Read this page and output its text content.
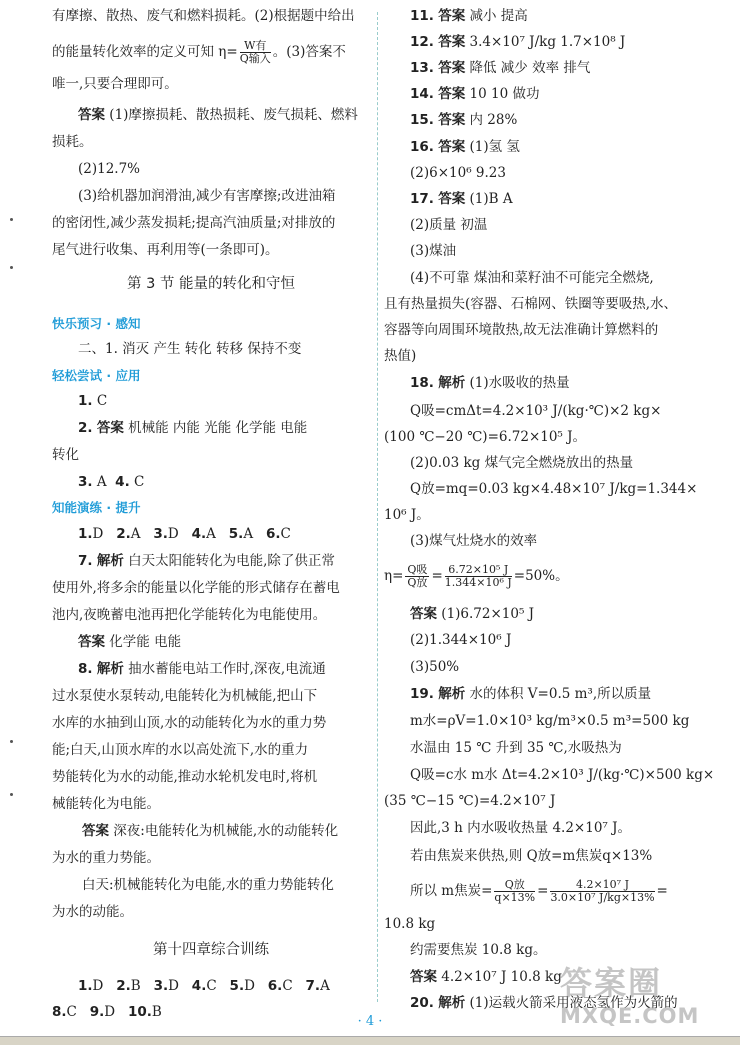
有摩擦、散热、废气和燃料损耗。(2)根据题中给出
的能量转化效率的定义可知 $\eta= \frac{\text{W有}}{\text{Q输入}}$ 。(3)答案不
唯一,只要合理即可。
答案 (1)摩擦损耗、散热损耗、废气损耗、燃料
损耗。
(2)12.7%
(3)给机器加润滑油,减少有害摩擦;改进油箱
的密闭性,减少蒸发损耗;提高汽油质量;对排放的
尾气进行收集、再利用等(一条即可)。
第 3 节 能量的转化和守恒
快乐预习 · 感知
二、1. 消灭 产生 转化 转移 保持不变
轻松尝试 · 应用
1. C
2. 答案 机械能 内能 光能 化学能 电能
转化
3. A 4. C
知能演练 · 提升
1.D 2.A 3.D 4.A 5.A 6.C
7. 解析 白天太阳能转化为电能,除了供正常
使用外,将多余的能量以化学能的形式储存在蓄电
池内,夜晚蓄电池再把化学能转化为电能使用。
答案 化学能 电能
8. 解析 抽水蓄能电站工作时,深夜,电流通
过水泵使水泵转动,电能转化为机械能,把山下
水库的水抽到山顶,水的动能转化为水的重力势
能;白天,山顶水库的水以高处流下,水的重力
势能转化为水的动能,推动水轮机发电时,将机
械能转化为电能。
答案 深夜:电能转化为机械能,水的动能转化
为水的重力势能。
白天:机械能转化为电能,水的重力势能转化
为水的动能。
第十四章综合训练
1.D 2.B 3.D 4.C 5.D 6.C 7.A
8.C 9.D 10.B
11. 答案 减小 提高
12. 答案 3.4×10⁷ J/kg 1.7×10⁸ J
13. 答案 降低 减少 效率 排气
14. 答案 10 10 做功
15. 答案 内 28%
16. 答案 (1)氢 氢
(2)6×10⁶ 9.23
17. 答案 (1)B A
(2)质量 初温
(3)煤油
(4)不可靠 煤油和菜籽油不可能完全燃烧,
且有热量损失(容器、石棉网、铁圈等要吸热,水、
容器等向周围环境散热,故无法准确计算燃料的
热值)
18. 解析 (1)水吸收的热量
Q吸=cmΔt=4.2×10³ J/(kg·℃)×2 kg×
(100 ℃−20 ℃)=6.72×10⁵ J。
(2)0.03 kg 煤气完全燃烧放出的热量
Q放=mq=0.03 kg×4.48×10⁷ J/kg=1.344×
10⁶ J。
(3)煤气灶烧水的效率
$\eta= \frac{\text{Q吸}}{\text{Q放}} = \frac{\text{6.72×10⁵ J}}{\text{1.344×10⁶ J}} =50\%$。
答案 (1)6.72×10⁵ J
(2)1.344×10⁶ J
(3)50%
19. 解析 水的体积 V=0.5 m³,所以质量
m水=ρV=1.0×10³ kg/m³×0.5 m³=500 kg
水温由 15 ℃ 升到 35 ℃,水吸热为
Q吸=c水 m水 Δt=4.2×10³ J/(kg·℃)×500 kg×
(35 ℃−15 ℃)=4.2×10⁷ J
因此,3 h 内水吸收热量 4.2×10⁷ J。
若由焦炭来供热,则 Q放=m焦炭q×13%
所以 m焦炭= $\frac{\text{Q放}}{q\times 13\%} = \frac{\text{4.2×10⁷ J}}{\text{3.0×10⁷ J/kg×13\%}}$ =
10.8 kg
约需要焦炭 10.8 kg。
答案 4.2×10⁷ J 10.8 kg
20. 解析 (1)运载火箭采用液态氢作为火箭的
· 4 ·
答案圈
MXQE.COM
